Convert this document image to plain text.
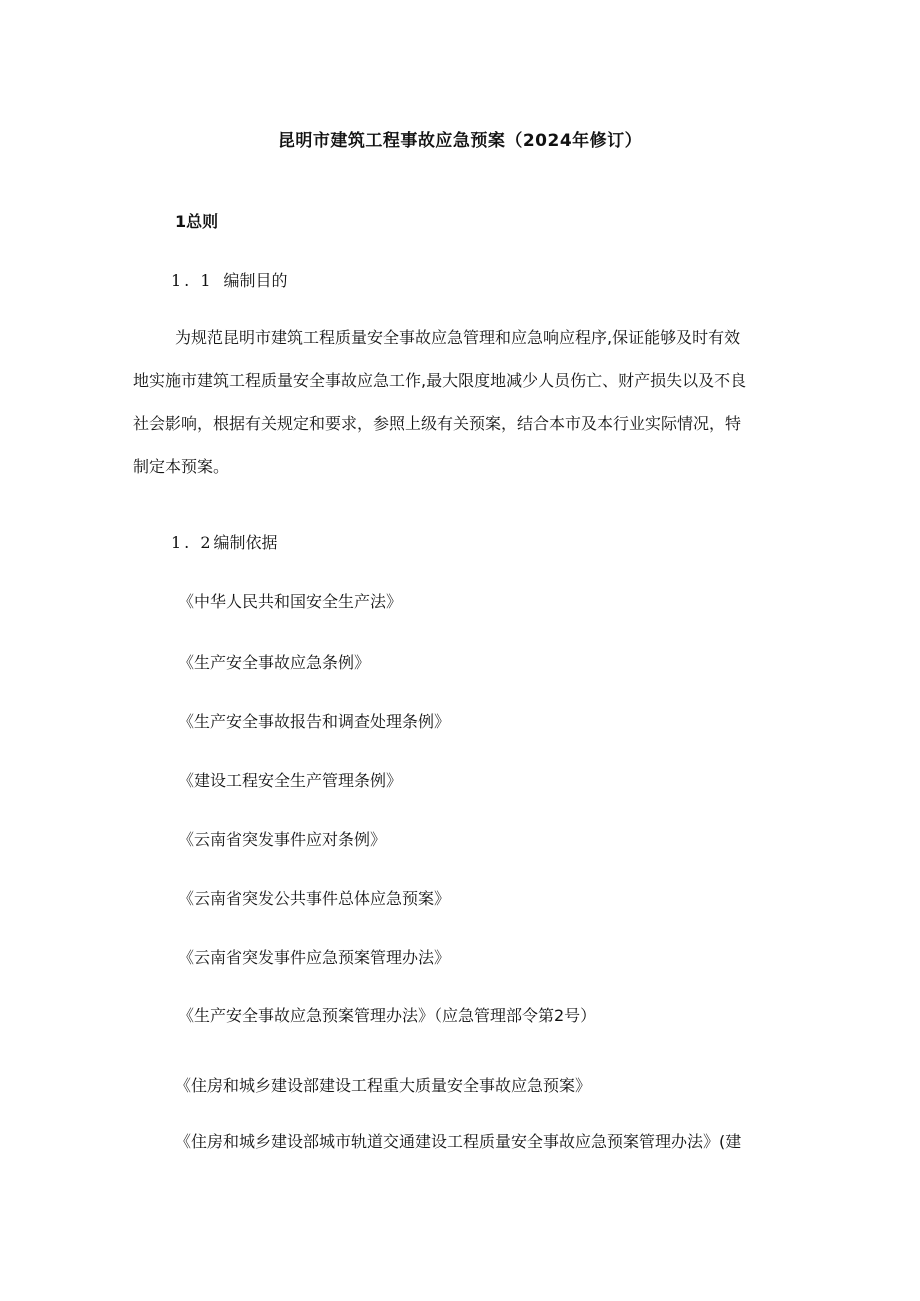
昆明市建筑工程事故应急预案（2024年修订）
1总则
1. 1 编制目的
为规范昆明市建筑工程质量安全事故应急管理和应急响应程序,保证能够及时有效
地实施市建筑工程质量安全事故应急工作,最大限度地减少人员伤亡、财产损失以及不良
社会影响，根据有关规定和要求，参照上级有关预案，结合本市及本行业实际情况，特
制定本预案。
1. 2编制依据
《中华人民共和国安全生产法》
《生产安全事故应急条例》
《生产安全事故报告和调查处理条例》
《建设工程安全生产管理条例》
《云南省突发事件应对条例》
《云南省突发公共事件总体应急预案》
《云南省突发事件应急预案管理办法》
《生产安全事故应急预案管理办法》（应急管理部令第2号）
《住房和城乡建设部建设工程重大质量安全事故应急预案》
《住房和城乡建设部城市轨道交通建设工程质量安全事故应急预案管理办法》(建
